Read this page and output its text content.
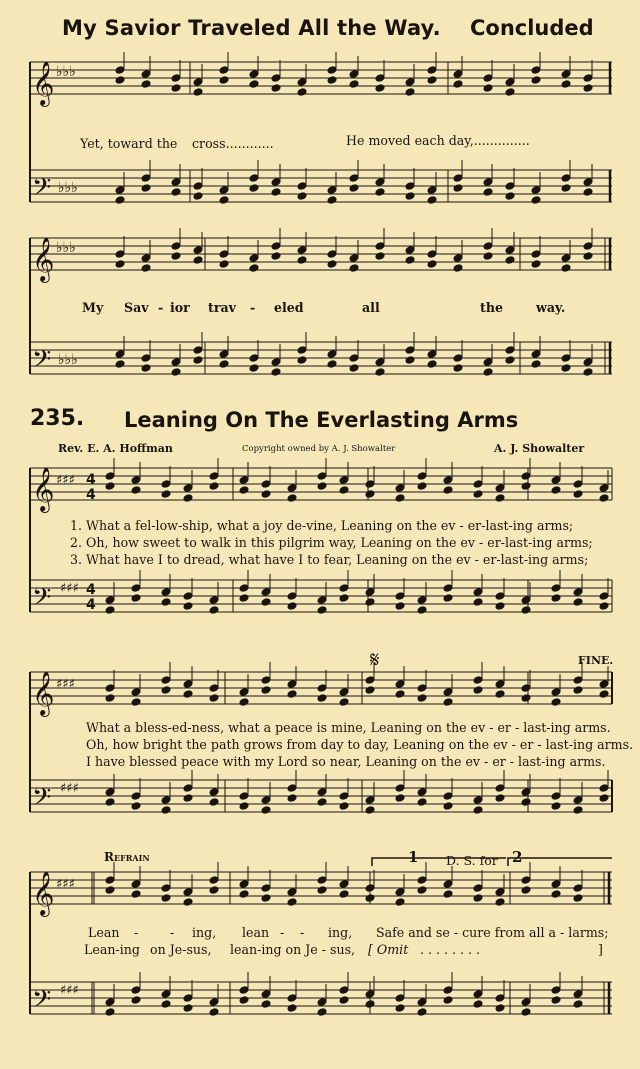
𝄞
𝄢
𝄞
𝄢
𝄞
𝄢
𝄞
𝄢
𝄞
𝄢
♭♭♭
♭♭♭
♭♭♭
♭♭♭
♯♯♯
♯♯♯
♯♯♯
♯♯♯
♯♯♯
♯♯♯
4
4
4
4
My Savior Traveled All the Way. Concluded
Yet, toward the cross............	He moved each day,..............
My Sav - ior trav - eled	all	the	way.
235. Leaning On The Everlasting Arms
Rev. E. A. Hoffman	Copyright owned by A. J. Showalter	A. J. Showalter
1. What a fel-low-ship, what a joy de-vine, Leaning on the ev - er-last-ing arms;
2. Oh, how sweet to walk in this pilgrim way, Leaning on the ev - er-last-ing arms;
3. What have I to dread, what have I to fear, Leaning on the ev - er-last-ing arms;
𝄋	FINE.
What a bless-ed-ness, what a peace is mine, Leaning on the ev - er - last-ing arms.
Oh, how bright the path grows from day to day, Leaning on the ev - er - last-ing arms.
I have blessed peace with my Lord so near, Leaning on the ev - er - last-ing arms.
Refrain	1 D. S. for 2
Lean -	- ing, lean - - ing, Safe and se - cure from all a - larms;
Lean-ing on Je-sus, lean-ing on Je - sus, [ Omit . . . . . . . .	]
